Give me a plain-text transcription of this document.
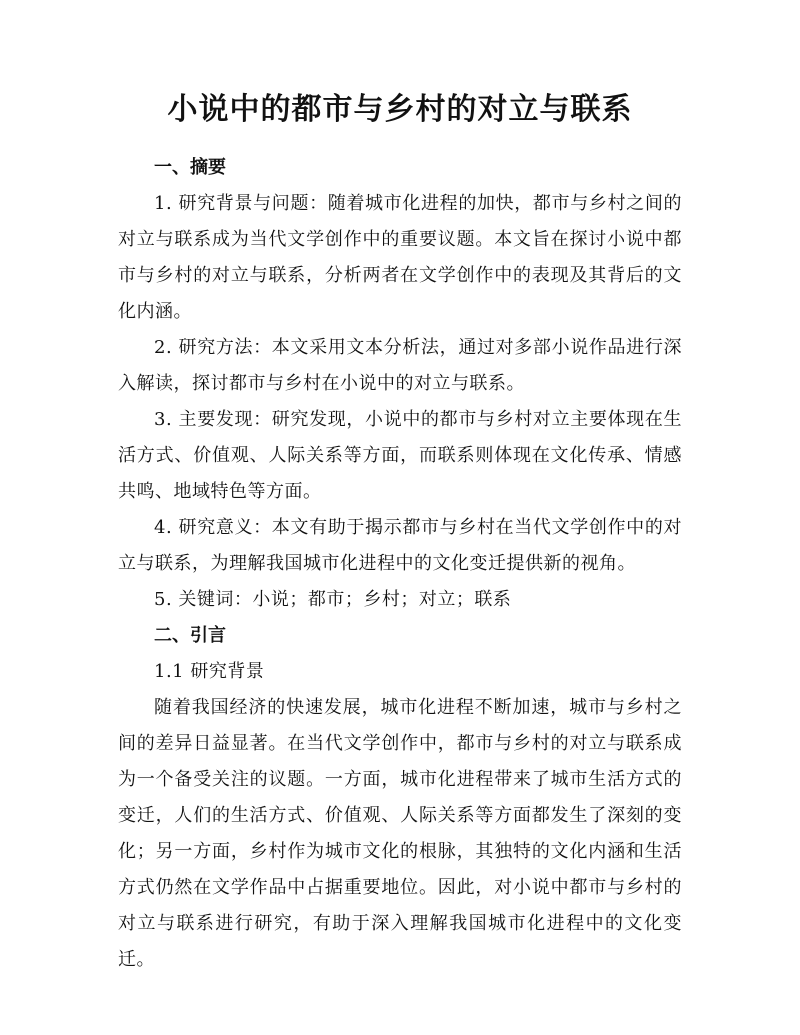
小说中的都市与乡村的对立与联系
一、摘要

1. 研究背景与问题：随着城市化进程的加快，都市与乡村之间的对立与联系成为当代文学创作中的重要议题。本文旨在探讨小说中都市与乡村的对立与联系，分析两者在文学创作中的表现及其背后的文化内涵。

2. 研究方法：本文采用文本分析法，通过对多部小说作品进行深入解读，探讨都市与乡村在小说中的对立与联系。

3. 主要发现：研究发现，小说中的都市与乡村对立主要体现在生活方式、价值观、人际关系等方面，而联系则体现在文化传承、情感共鸣、地域特色等方面。

4. 研究意义：本文有助于揭示都市与乡村在当代文学创作中的对立与联系，为理解我国城市化进程中的文化变迁提供新的视角。

5. 关键词：小说；都市；乡村；对立；联系

二、引言

1.1 研究背景

随着我国经济的快速发展，城市化进程不断加速，城市与乡村之间的差异日益显著。在当代文学创作中，都市与乡村的对立与联系成为一个备受关注的议题。一方面，城市化进程带来了城市生活方式的变迁，人们的生活方式、价值观、人际关系等方面都发生了深刻的变化；另一方面，乡村作为城市文化的根脉，其独特的文化内涵和生活方式仍然在文学作品中占据重要地位。因此，对小说中都市与乡村的对立与联系进行研究，有助于深入理解我国城市化进程中的文化变迁。
